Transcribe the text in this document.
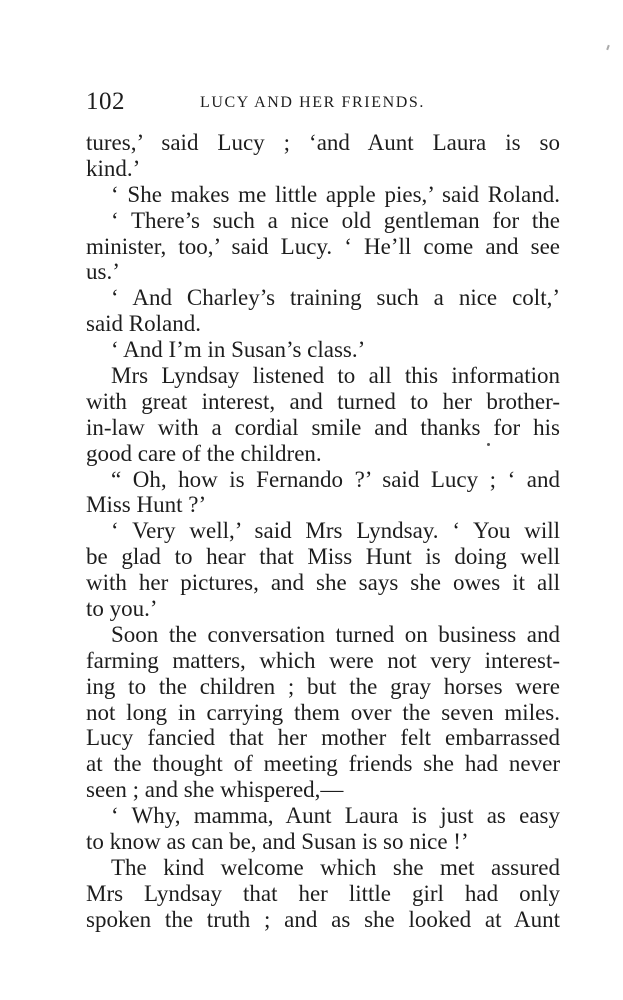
102	LUCY AND HER FRIENDS.
tures,’ said Lucy ; ‘and Aunt Laura is so
kind.’
‘ She makes me little apple pies,’ said Roland.
‘ There’s such a nice old gentleman for the
minister, too,’ said Lucy. ‘ He’ll come and see
us.’
‘ And Charley’s training such a nice colt,’
said Roland.
‘ And I’m in Susan’s class.’
Mrs Lyndsay listened to all this information
with great interest, and turned to her brother-
in-law with a cordial smile and thanks for his
good care of the children.
“ Oh, how is Fernando ?’ said Lucy ; ‘ and
Miss Hunt ?’
‘ Very well,’ said Mrs Lyndsay. ‘ You will
be glad to hear that Miss Hunt is doing well
with her pictures, and she says she owes it all
to you.’
Soon the conversation turned on business and
farming matters, which were not very interest-
ing to the children ; but the gray horses were
not long in carrying them over the seven miles.
Lucy fancied that her mother felt embarrassed
at the thought of meeting friends she had never
seen ; and she whispered,—
‘ Why, mamma, Aunt Laura is just as easy
to know as can be, and Susan is so nice !’
The kind welcome which she met assured
Mrs Lyndsay that her little girl had only
spoken the truth ; and as she looked at Aunt
